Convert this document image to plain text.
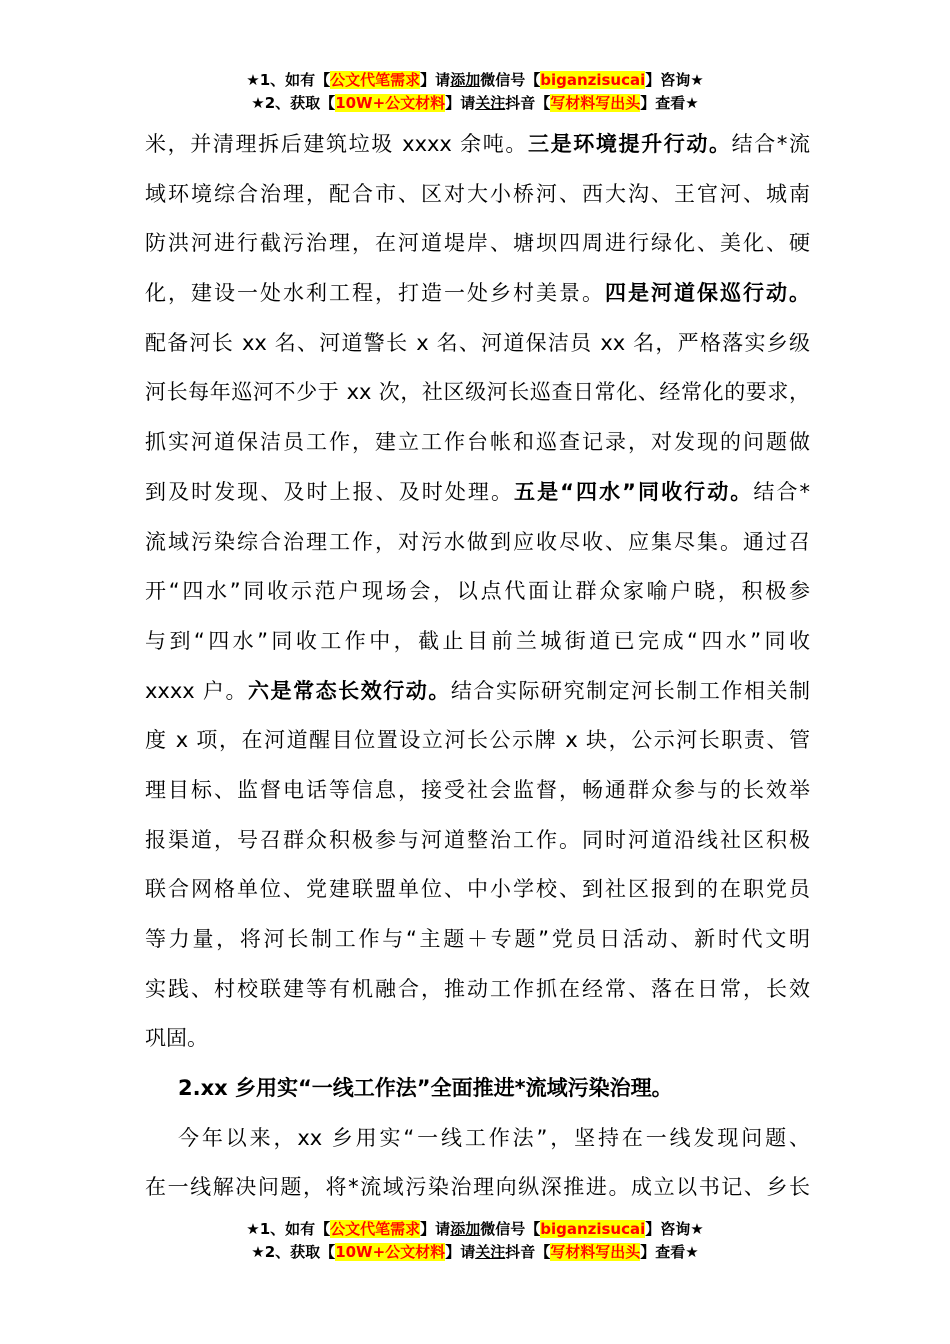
★1、如有【公文代笔需求】请添加微信号【biganzisucai】咨询★
★2、获取【10W+公文材料】请关注抖音【写材料写出头】查看★
米，并清理拆后建筑垃圾 xxxx 余吨。三是环境提升行动。结合*流
域环境综合治理，配合市、区对大小桥河、西大沟、王官河、城南
防洪河进行截污治理，在河道堤岸、塘坝四周进行绿化、美化、硬
化，建设一处水利工程，打造一处乡村美景。四是河道保巡行动。
配备河长 xx 名、河道警长 x 名、河道保洁员 xx 名，严格落实乡级
河长每年巡河不少于 xx 次，社区级河长巡查日常化、经常化的要求，
抓实河道保洁员工作，建立工作台帐和巡查记录，对发现的问题做
到及时发现、及时上报、及时处理。五是“四水”同收行动。结合*
流域污染综合治理工作，对污水做到应收尽收、应集尽集。通过召
开“四水”同收示范户现场会，以点代面让群众家喻户晓，积极参
与到“四水”同收工作中，截止目前兰城街道已完成“四水”同收
xxxx 户。六是常态长效行动。结合实际研究制定河长制工作相关制
度 x 项，在河道醒目位置设立河长公示牌 x 块，公示河长职责、管
理目标、监督电话等信息，接受社会监督，畅通群众参与的长效举
报渠道，号召群众积极参与河道整治工作。同时河道沿线社区积极
联合网格单位、党建联盟单位、中小学校、到社区报到的在职党员
等力量，将河长制工作与“主题＋专题”党员日活动、新时代文明
实践、村校联建等有机融合，推动工作抓在经常、落在日常，长效
巩固。
2.xx 乡用实“一线工作法”全面推进*流域污染治理。
今年以来，xx 乡用实“一线工作法”，坚持在一线发现问题、
在一线解决问题，将*流域污染治理向纵深推进。成立以书记、乡长
★1、如有【公文代笔需求】请添加微信号【biganzisucai】咨询★
★2、获取【10W+公文材料】请关注抖音【写材料写出头】查看★
